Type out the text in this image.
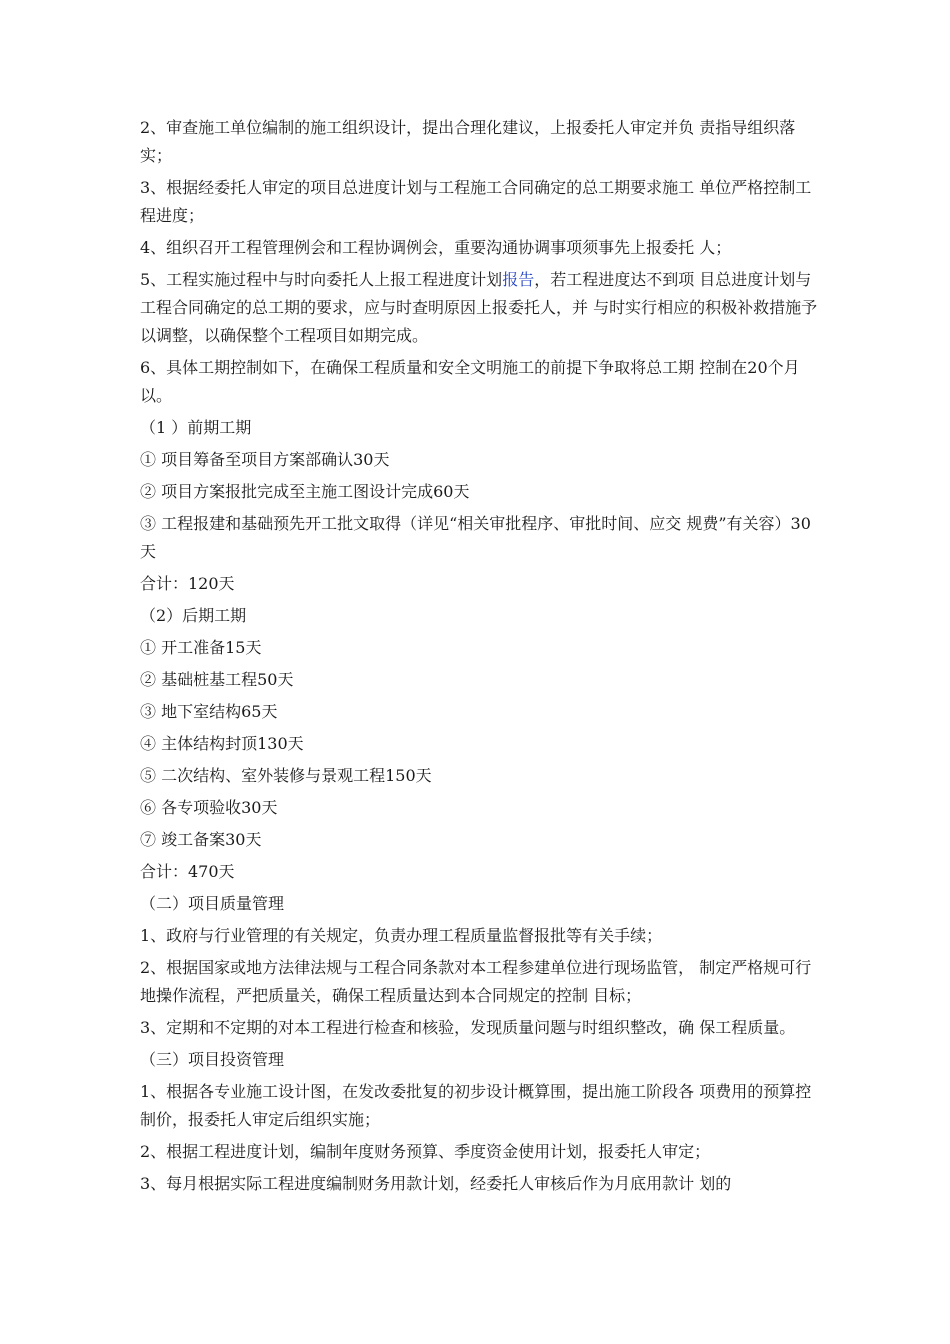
2、审查施工单位编制的施工组织设计，提出合理化建议，上报委托人审定并负 责指导组织落实；

3、根据经委托人审定的项目总进度计划与工程施工合同确定的总工期要求施工 单位严格控制工程进度；

4、组织召开工程管理例会和工程协调例会，重要沟通协调事项须事先上报委托 人；

5、工程实施过程中与时向委托人上报工程进度计划报告，若工程进度达不到项 目总进度计划与工程合同确定的总工期的要求，应与时查明原因上报委托人，并 与时实行相应的积极补救措施予以调整，以确保整个工程项目如期完成。

6、具体工期控制如下，在确保工程质量和安全文明施工的前提下争取将总工期 控制在20个月以。

（1 ）前期工期

① 项目筹备至项目方案部确认30天

② 项目方案报批完成至主施工图设计完成60天

③ 工程报建和基础预先开工批文取得（详见“相关审批程序、审批时间、应交 规费”有关容）30天

合计：120天

（2）后期工期

① 开工准备15天

② 基础桩基工程50天

③ 地下室结构65天

④ 主体结构封顶130天

⑤ 二次结构、室外装修与景观工程150天

⑥ 各专项验收30天

⑦ 竣工备案30天

合计：470天

（二）项目质量管理

1、政府与行业管理的有关规定，负责办理工程质量监督报批等有关手续；

2、根据国家或地方法律法规与工程合同条款对本工程参建单位进行现场监管， 制定严格规可行地操作流程，严把质量关，确保工程质量达到本合同规定的控制 目标；

3、定期和不定期的对本工程进行检查和核验，发现质量问题与时组织整改，确 保工程质量。

（三）项目投资管理

1、根据各专业施工设计图，在发改委批复的初步设计概算围，提出施工阶段各 项费用的预算控制价，报委托人审定后组织实施；

2、根据工程进度计划，编制年度财务预算、季度资金使用计划，报委托人审定；

3、每月根据实际工程进度编制财务用款计划，经委托人审核后作为月底用款计 划的
